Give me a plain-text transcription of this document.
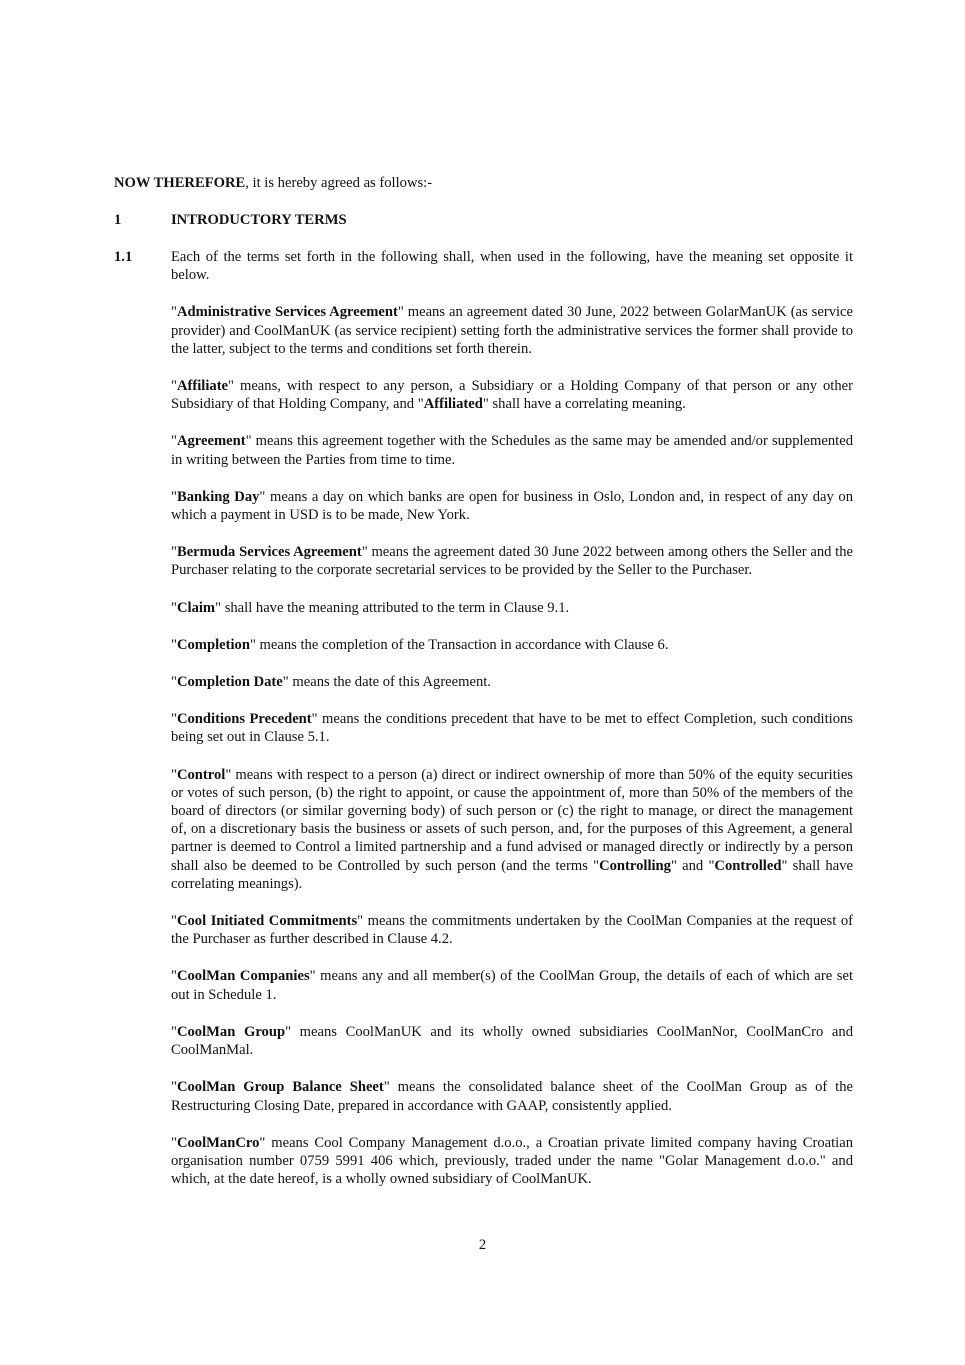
NOW THEREFORE, it is hereby agreed as follows:-

1	INTRODUCTORY TERMS

1.1	Each of the terms set forth in the following shall, when used in the following, have the meaning set opposite it below.

"Administrative Services Agreement" means an agreement dated 30 June, 2022 between GolarManUK (as service provider) and CoolManUK (as service recipient) setting forth the administrative services the former shall provide to the latter, subject to the terms and conditions set forth therein.

"Affiliate" means, with respect to any person, a Subsidiary or a Holding Company of that person or any other Subsidiary of that Holding Company, and "Affiliated" shall have a correlating meaning.

"Agreement" means this agreement together with the Schedules as the same may be amended and/or supplemented in writing between the Parties from time to time.

"Banking Day" means a day on which banks are open for business in Oslo, London and, in respect of any day on which a payment in USD is to be made, New York.

"Bermuda Services Agreement" means the agreement dated 30 June 2022 between among others the Seller and the Purchaser relating to the corporate secretarial services to be provided by the Seller to the Purchaser.

"Claim" shall have the meaning attributed to the term in Clause 9.1.

"Completion" means the completion of the Transaction in accordance with Clause 6.

"Completion Date" means the date of this Agreement.

"Conditions Precedent" means the conditions precedent that have to be met to effect Completion, such conditions being set out in Clause 5.1.

"Control" means with respect to a person (a) direct or indirect ownership of more than 50% of the equity securities or votes of such person, (b) the right to appoint, or cause the appointment of, more than 50% of the members of the board of directors (or similar governing body) of such person or (c) the right to manage, or direct the management of, on a discretionary basis the business or assets of such person, and, for the purposes of this Agreement, a general partner is deemed to Control a limited partnership and a fund advised or managed directly or indirectly by a person shall also be deemed to be Controlled by such person (and the terms "Controlling" and "Controlled" shall have correlating meanings).

"Cool Initiated Commitments" means the commitments undertaken by the CoolMan Companies at the request of the Purchaser as further described in Clause 4.2.

"CoolMan Companies" means any and all member(s) of the CoolMan Group, the details of each of which are set out in Schedule 1.

"CoolMan Group" means CoolManUK and its wholly owned subsidiaries CoolManNor, CoolManCro and CoolManMal.

"CoolMan Group Balance Sheet" means the consolidated balance sheet of the CoolMan Group as of the Restructuring Closing Date, prepared in accordance with GAAP, consistently applied.

"CoolManCro" means Cool Company Management d.o.o., a Croatian private limited company having Croatian organisation number 0759 5991 406 which, previously, traded under the name "Golar Management d.o.o." and which, at the date hereof, is a wholly owned subsidiary of CoolManUK.

2
